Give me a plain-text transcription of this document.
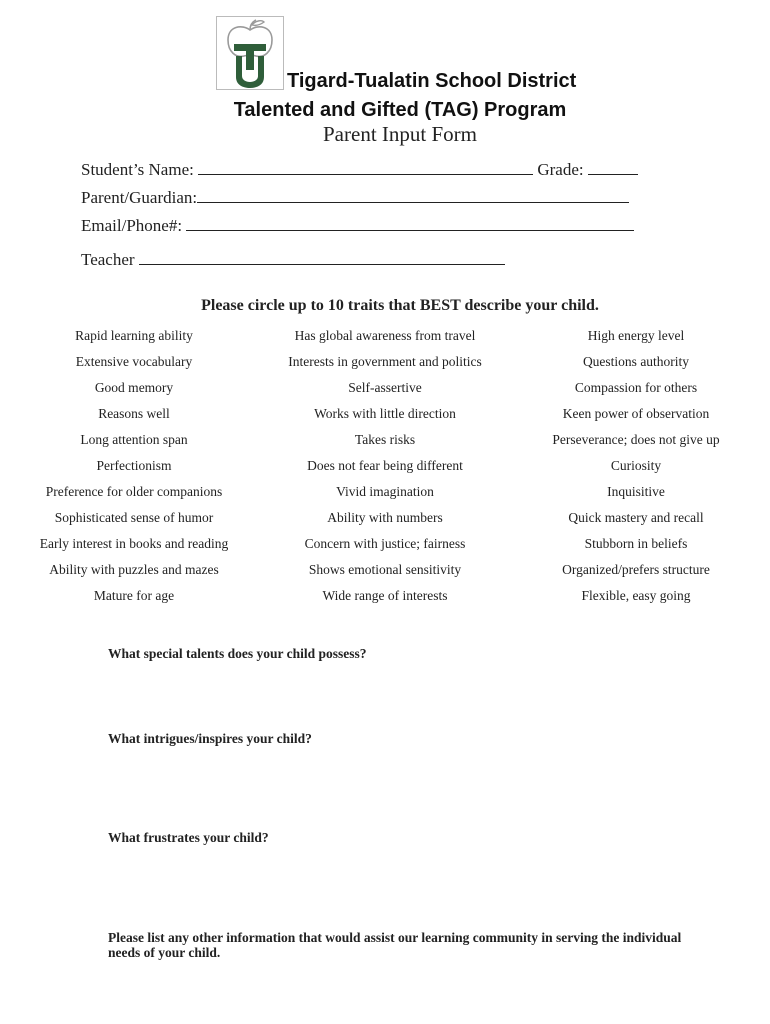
Tigard-Tualatin School District
Talented and Gifted (TAG) Program
Parent Input Form
Student’s Name:	Grade:
Parent/Guardian:
Email/Phone#:
Teacher
Please circle up to 10 traits that BEST describe your child.
Rapid learning ability
Extensive vocabulary
Good memory
Reasons well
Long attention span
Perfectionism
Preference for older companions
Sophisticated sense of humor
Early interest in books and reading
Ability with puzzles and mazes
Mature for age
Has global awareness from travel
Interests in government and politics
Self-assertive
Works with little direction
Takes risks
Does not fear being different
Vivid imagination
Ability with numbers
Concern with justice; fairness
Shows emotional sensitivity
Wide range of interests
High energy level
Questions authority
Compassion for others
Keen power of observation
Perseverance; does not give up
Curiosity
Inquisitive
Quick mastery and recall
Stubborn in beliefs
Organized/prefers structure
Flexible, easy going
What special talents does your child possess?
What intrigues/inspires your child?
What frustrates your child?
Please list any other information that would assist our learning community in serving the individual needs of your child.
